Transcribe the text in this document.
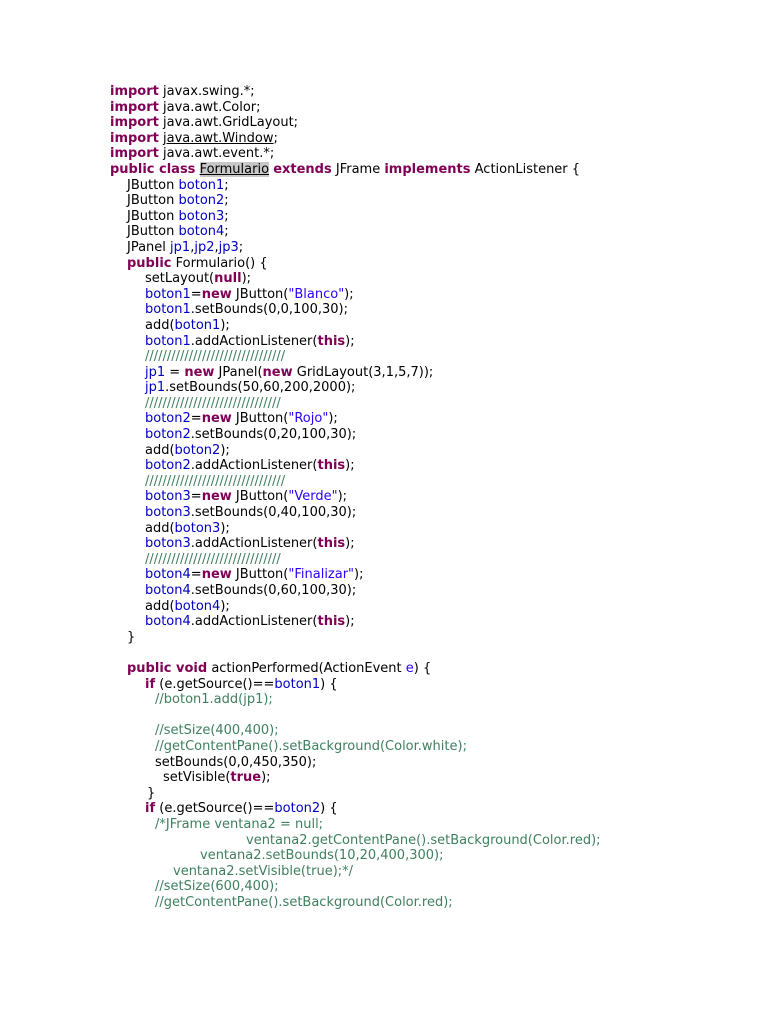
import javax.swing.*;
import java.awt.Color;
import java.awt.GridLayout;
import java.awt.Window;
import java.awt.event.*;
public class Formulario extends JFrame implements ActionListener {
JButton boton1;
JButton boton2;
JButton boton3;
JButton boton4;
JPanel jp1,jp2,jp3;
public Formulario() {
setLayout(null);
boton1=new JButton("Blanco");
boton1.setBounds(0,0,100,30);
add(boton1);
boton1.addActionListener(this);
////////////////////////////////
jp1 = new JPanel(new GridLayout(3,1,5,7));
jp1.setBounds(50,60,200,2000);
///////////////////////////////
boton2=new JButton("Rojo");
boton2.setBounds(0,20,100,30);
add(boton2);
boton2.addActionListener(this);
////////////////////////////////
boton3=new JButton("Verde");
boton3.setBounds(0,40,100,30);
add(boton3);
boton3.addActionListener(this);
///////////////////////////////
boton4=new JButton("Finalizar");
boton4.setBounds(0,60,100,30);
add(boton4);
boton4.addActionListener(this);
}
public void actionPerformed(ActionEvent e) {
if (e.getSource()==boton1) {
//boton1.add(jp1);
//setSize(400,400);
//getContentPane().setBackground(Color.white);
setBounds(0,0,450,350);
setVisible(true);
}
if (e.getSource()==boton2) {
/*JFrame ventana2 = null;
ventana2.getContentPane().setBackground(Color.red);
ventana2.setBounds(10,20,400,300);
ventana2.setVisible(true);*/
//setSize(600,400);
//getContentPane().setBackground(Color.red);
